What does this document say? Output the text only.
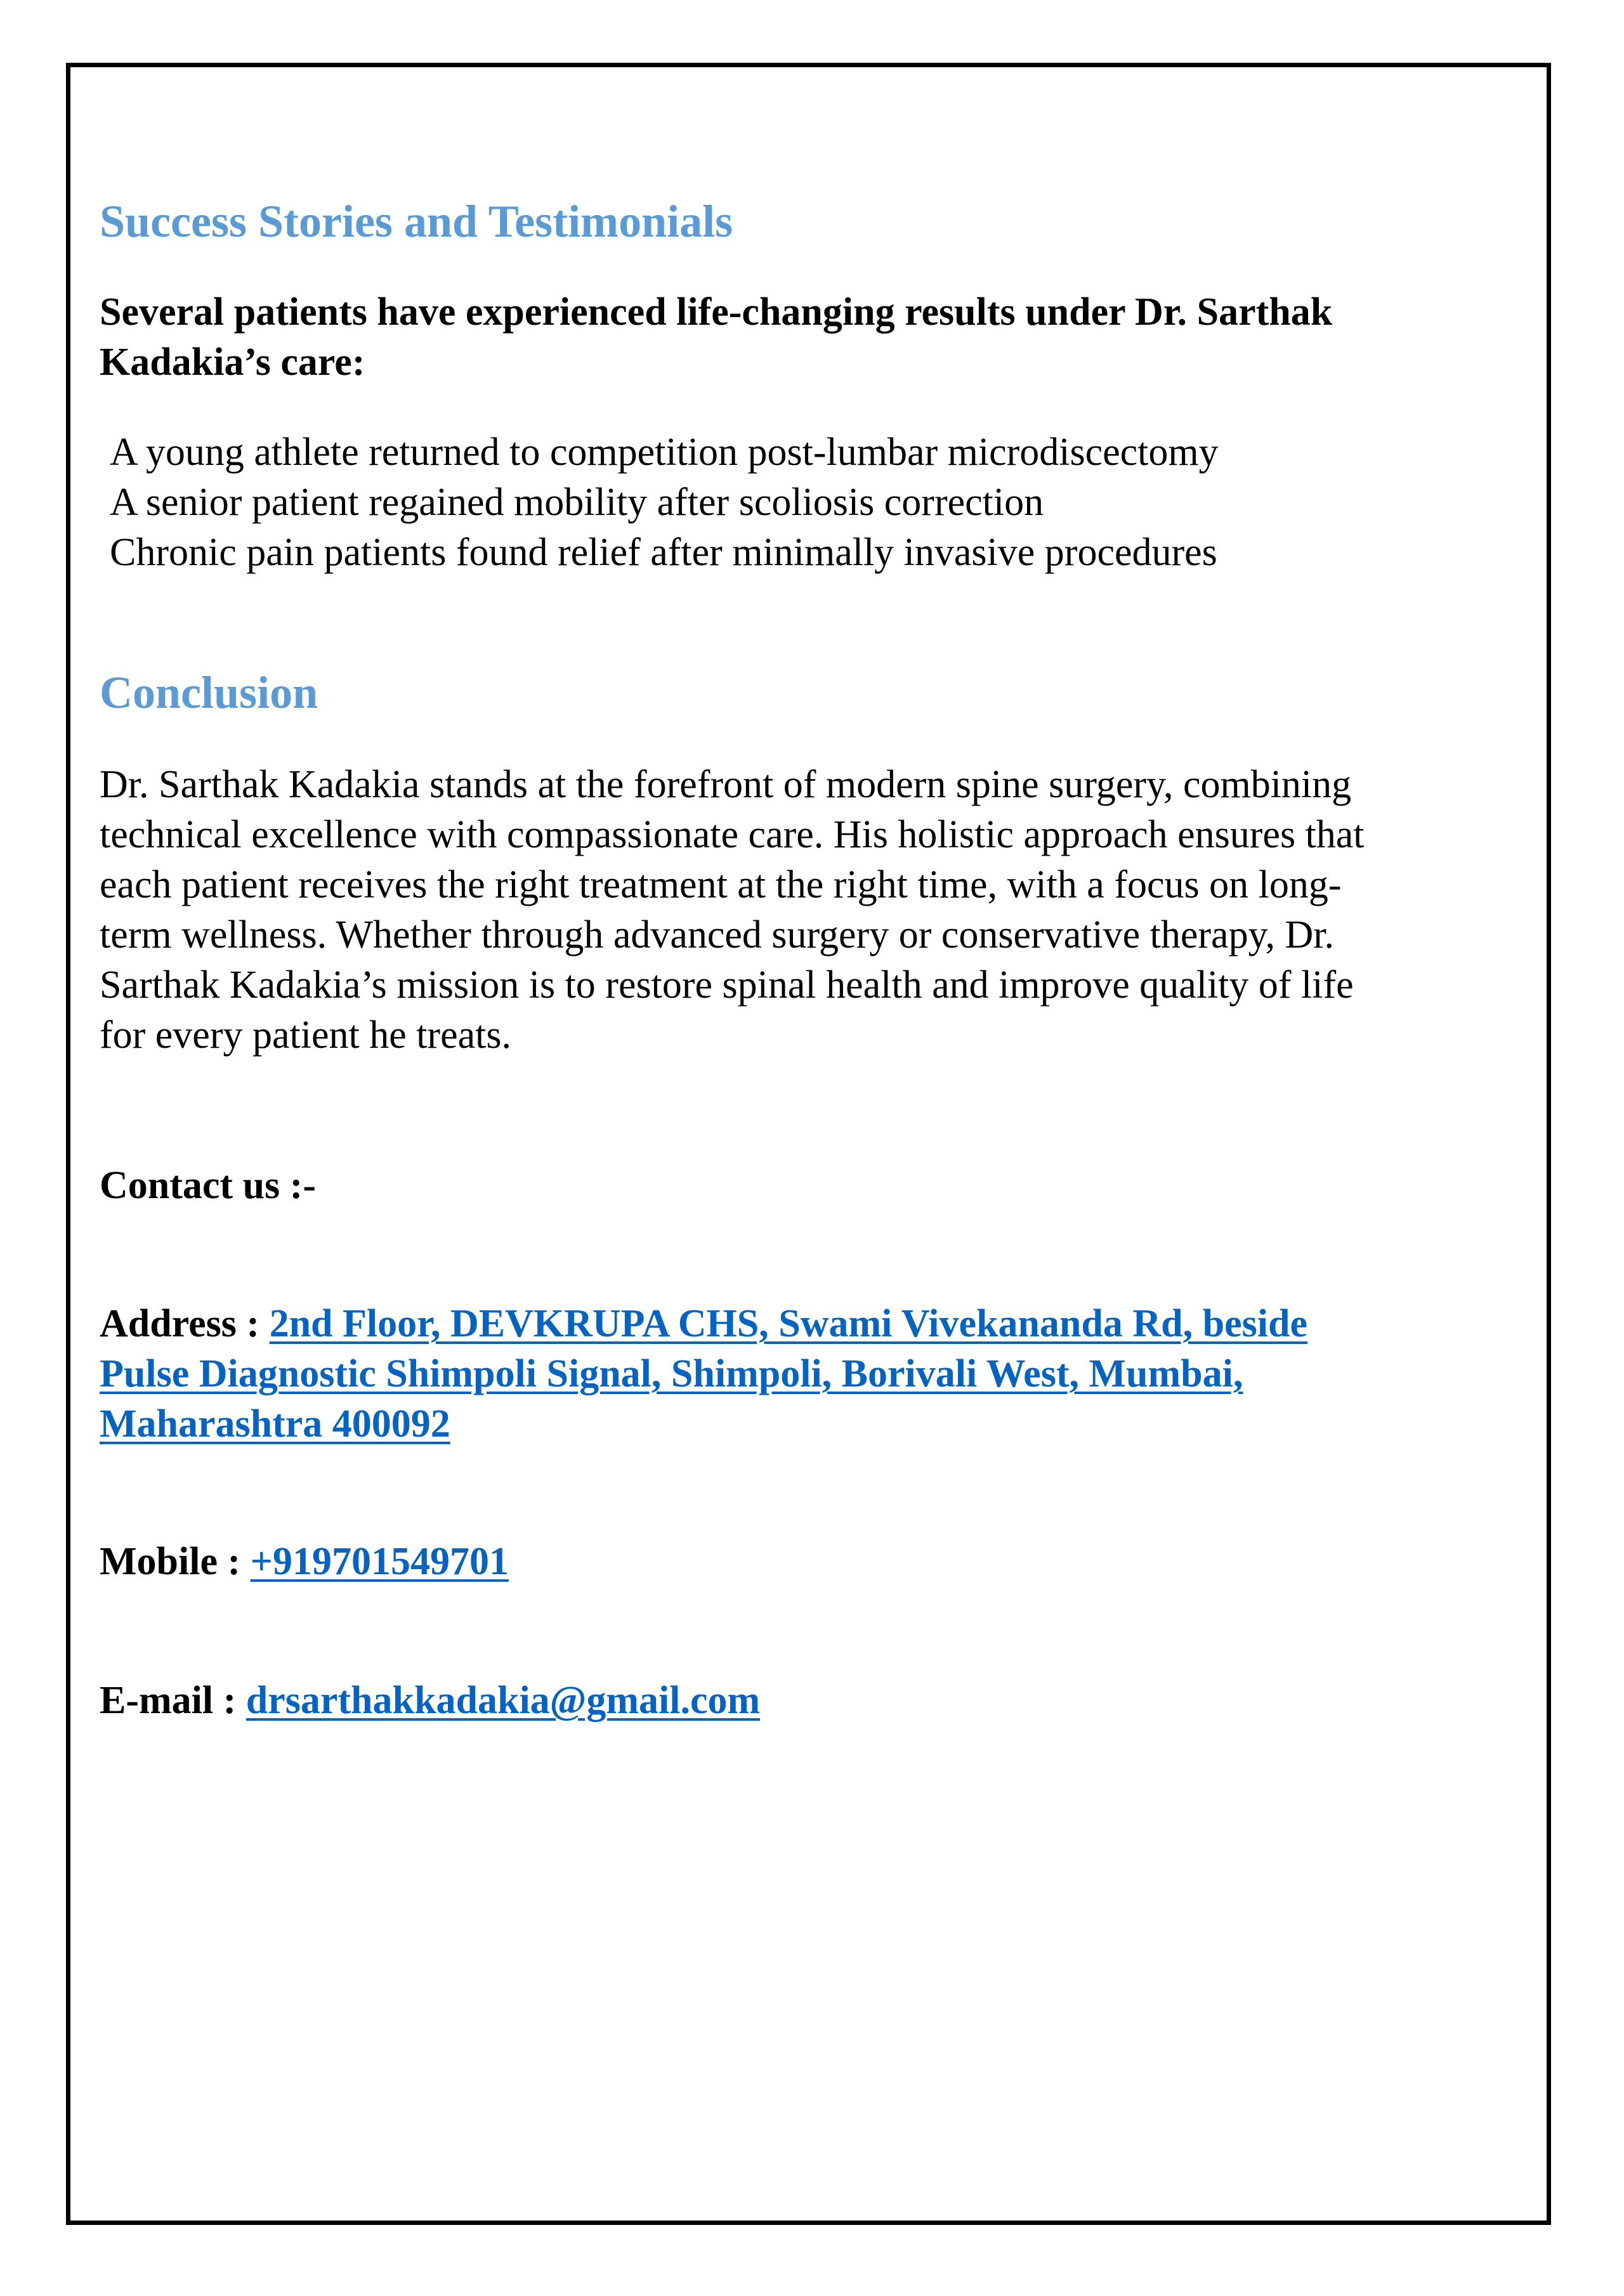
Success Stories and Testimonials
Several patients have experienced life-changing results under Dr. Sarthak
Kadakia’s care:
A young athlete returned to competition post-lumbar microdiscectomy
A senior patient regained mobility after scoliosis correction
Chronic pain patients found relief after minimally invasive procedures
Conclusion
Dr. Sarthak Kadakia stands at the forefront of modern spine surgery, combining
technical excellence with compassionate care. His holistic approach ensures that
each patient receives the right treatment at the right time, with a focus on long-
term wellness. Whether through advanced surgery or conservative therapy, Dr.
Sarthak Kadakia’s mission is to restore spinal health and improve quality of life
for every patient he treats.
Contact us :-
Address : 2nd Floor, DEVKRUPA CHS, Swami Vivekananda Rd, beside
Pulse Diagnostic Shimpoli Signal, Shimpoli, Borivali West, Mumbai,
Maharashtra 400092
Mobile : +919701549701
E-mail : drsarthakkadakia@gmail.com
